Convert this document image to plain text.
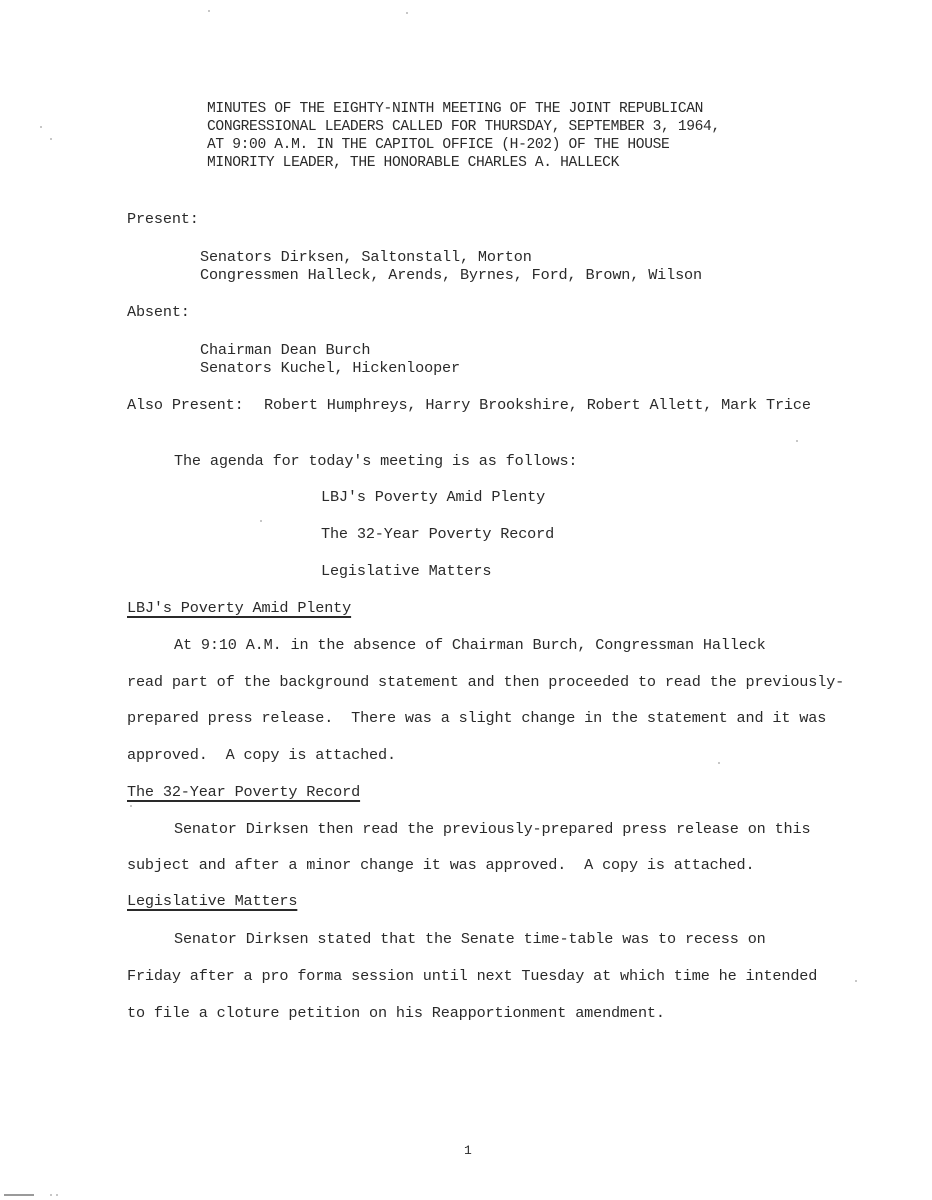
MINUTES OF THE EIGHTY-NINTH MEETING OF THE JOINT REPUBLICAN
CONGRESSIONAL LEADERS CALLED FOR THURSDAY, SEPTEMBER 3, 1964,
AT 9:00 A.M. IN THE CAPITOL OFFICE (H-202) OF THE HOUSE
MINORITY LEADER, THE HONORABLE CHARLES A. HALLECK
Present:
Senators Dirksen, Saltonstall, Morton
Congressmen Halleck, Arends, Byrnes, Ford, Brown, Wilson
Absent:
Chairman Dean Burch
Senators Kuchel, Hickenlooper
Also Present: Robert Humphreys, Harry Brookshire, Robert Allett, Mark Trice
The agenda for today's meeting is as follows:
LBJ's Poverty Amid Plenty
The 32-Year Poverty Record
Legislative Matters
LBJ's Poverty Amid Plenty
At 9:10 A.M. in the absence of Chairman Burch, Congressman Halleck
read part of the background statement and then proceeded to read the previously-
prepared press release.  There was a slight change in the statement and it was
approved.  A copy is attached.
The 32-Year Poverty Record
Senator Dirksen then read the previously-prepared press release on this
subject and after a minor change it was approved.  A copy is attached.
Legislative Matters
Senator Dirksen stated that the Senate time-table was to recess on
Friday after a pro forma session until next Tuesday at which time he intended
to file a cloture petition on his Reapportionment amendment.
1
